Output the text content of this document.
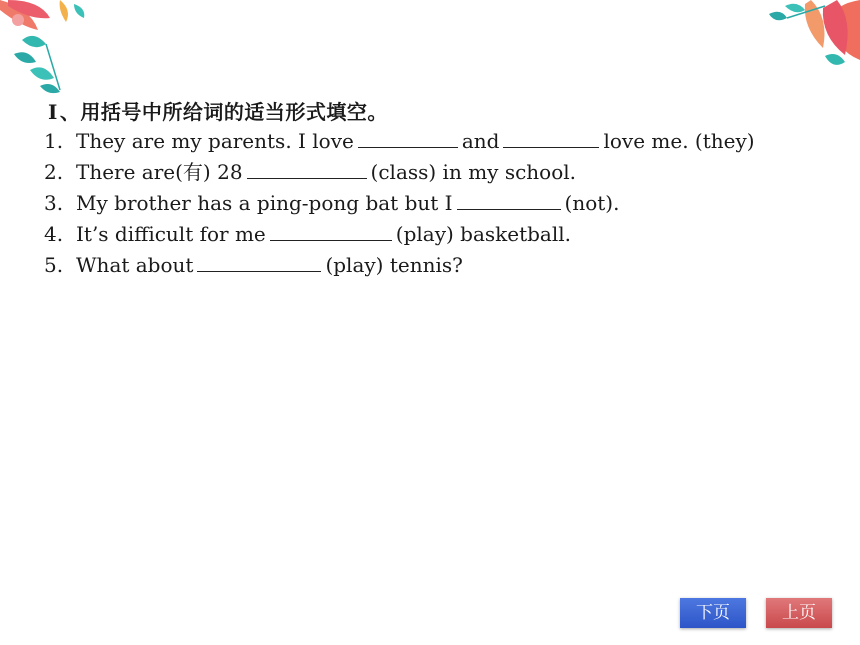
Ⅰ 、用括号中所给词的适当形式填空。
1. They are my parents. I love	and	love me. (they)
2. There are(有) 28	(class) in my school.
3. My brother has a ping-pong bat but I	(not).
4. It’s difficult for me	(play) basketball.
5. What about	(play) tennis?
下页	上页
